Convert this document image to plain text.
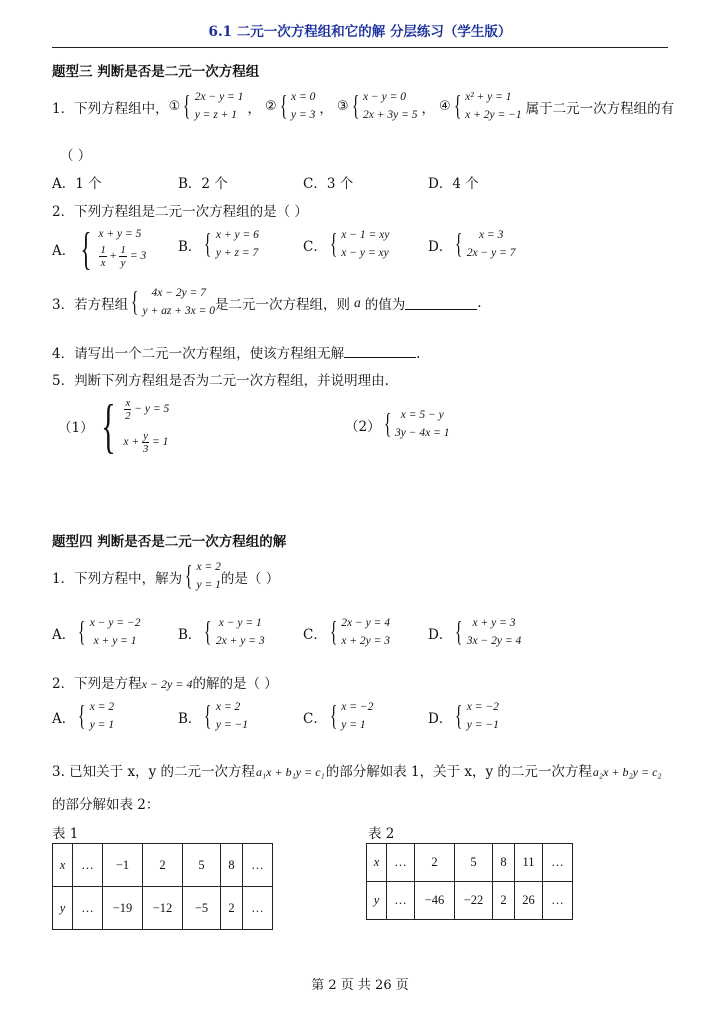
6.1 二元一次方程组和它的解 分层练习（学生版）
题型三 判断是否是二元一次方程组
1．下列方程组中， ① { 2x − y = 1
y = z + 1 ， ② { x = 0
y = 3 ， ③ { x − y = 0
2x + 3y = 5 ， ④ { x² + y = 1
x + 2y = −1 属于二元一次方程组的有
（ ）
A．1 个	B．2 个	C．3 个	D．4 个
2．下列方程组是二元一次方程组的是（ ）
A． { x + y = 5
$\frac{1}{x} + \frac{1}{y} = 3$
B． { x + y = 6
y + z = 7	C． { x − 1 = xy
x − y = xy	D． { x = 3
2x − y = 7
3．若方程组 { 4x − 2y = 7
y + az + 3x = 0 是二元一次方程组，则 a 的值为	.
4．请写出一个二元一次方程组，使该方程组无解	.
5．判断下列方程组是否为二元一次方程组，并说明理由.
（1） { $\frac{x}{2} - y = 5$
$x + \frac{y}{3} = 1$
（2） { x = 5 − y
3y − 4x = 1
题型四 判断是否是二元一次方程组的解
1．下列方程中，解为 { x = 2
y = 1 的是（ ）
A． { x − y = −2
x + y = 1	B． { x − y = 1
2x + y = 3	C． { 2x − y = 4
x + 2y = 3	D． { x + y = 3
3x − 2y = 4
2．下列是方程 x − 2y = 4 的解的是（ ）
A． { x = 2
y = 1	B． { x = 2
y = −1	C． { x = −2
y = 1	D． { x = −2
y = −1
3. 已知关于 x，y 的二元一次方程 a₁x + b₁y = c₁ 的部分解如表 1，关于 x，y 的二元一次方程 a₂x + b₂y = c₂
的部分解如表 2：
表 1
x	…	−1	2	5	8	…
y	…	−19	−12	−5	2	…
表 2
x	…	2	5	8	11	…
y	…	−46	−22	2	26	…
第 2 页 共 26 页
